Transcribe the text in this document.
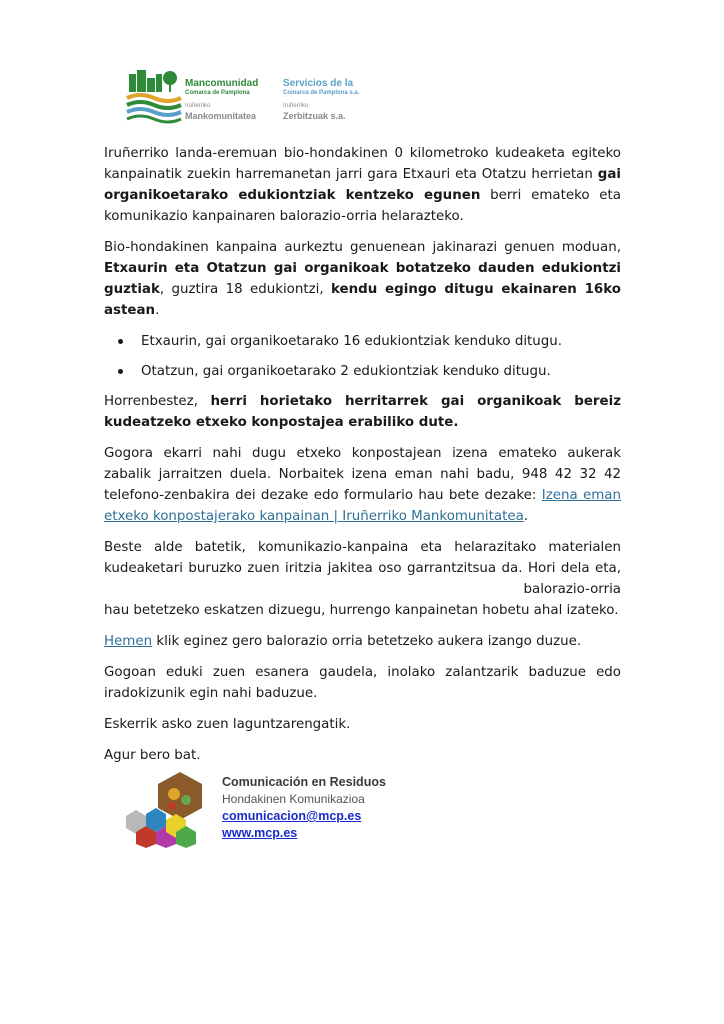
Mancomunidad
Comarca de Pamplona
Iruñerriko
Mankomunitatea
Servicios de la
Comarca de Pamplona s.a.
Iruñerriko
Zerbitzuak s.a.

Iruñerriko landa-eremuan bio-hondakinen 0 kilometroko kudeaketa egiteko kanpainatik zuekin harremanetan jarri gara Etxauri eta Otatzu herrietan gai organikoetarako edukiontziak kentzeko egunen berri emateko eta komunikazio kanpainaren balorazio-orria helarazteko.

Bio-hondakinen kanpaina aurkeztu genuenean jakinarazi genuen moduan, Etxaurin eta Otatzun gai organikoak botatzeko dauden edukiontzi guztiak, guztira 18 edukiontzi, kendu egingo ditugu ekainaren 16ko astean.

Etxaurin, gai organikoetarako 16 edukiontziak kenduko ditugu.
Otatzun, gai organikoetarako 2 edukiontziak kenduko ditugu.

Horrenbestez, herri horietako herritarrek gai organikoak bereiz kudeatzeko etxeko konpostajea erabiliko dute.

Gogora ekarri nahi dugu etxeko konpostajean izena emateko aukerak zabalik jarraitzen duela. Norbaitek izena eman nahi badu, 948 42 32 42 telefono-zenbakira dei dezake edo formulario hau bete dezake: Izena eman etxeko konpostajerako kanpainan | Iruñerriko Mankomunitatea.

Beste alde batetik, komunikazio-kanpaina eta helarazitako materialen kudeaketari buruzko zuen iritzia jakitea oso garrantzitsua da. Hori dela eta, balorazio-orria
hau betetzeko eskatzen dizuegu, hurrengo kanpainetan hobetu ahal izateko.

Hemen klik eginez gero balorazio orria betetzeko aukera izango duzue.

Gogoan eduki zuen esanera gaudela, inolako zalantzarik baduzue edo iradokizunik egin nahi baduzue.

Eskerrik asko zuen laguntzarengatik.

Agur bero bat.

Comunicación en Residuos
Hondakinen Komunikazioa
comunicacion@mcp.es
www.mcp.es
